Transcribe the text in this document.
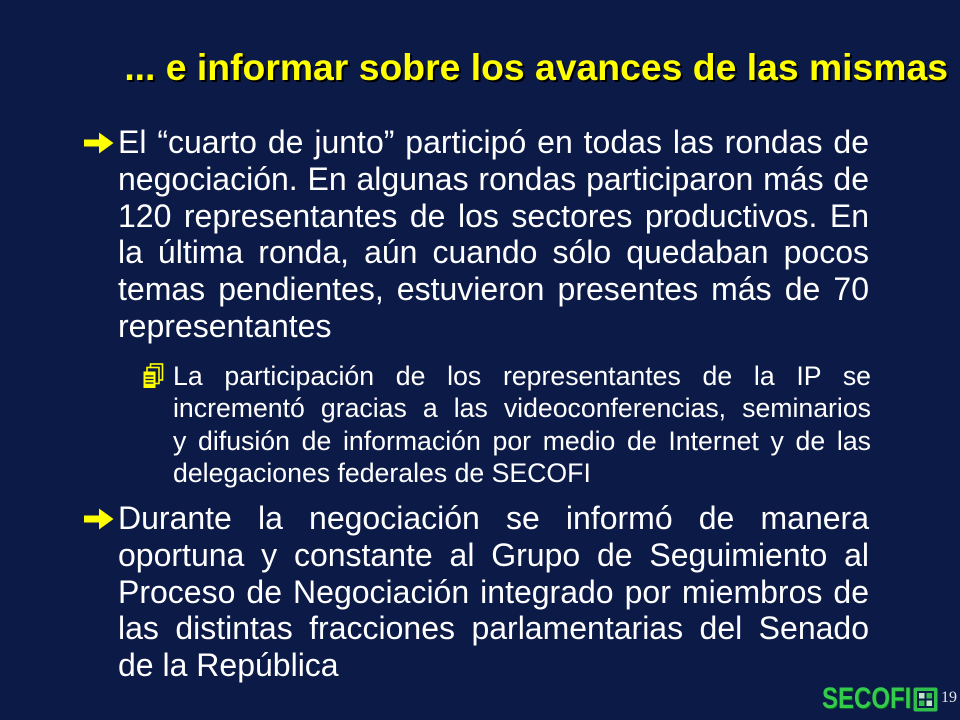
... e informar sobre los avances de las mismas
El “cuarto de junto” participó en todas las rondas de
negociación. En algunas rondas participaron más de
120 representantes de los sectores productivos. En
la última ronda, aún cuando sólo quedaban pocos
temas pendientes, estuvieron presentes más de 70
representantes
La participación de los representantes de la IP se
incrementó gracias a las videoconferencias, seminarios
y difusión de información por medio de Internet y de las
delegaciones federales de SECOFI
Durante la negociación se informó de manera
oportuna y constante al Grupo de Seguimiento al
Proceso de Negociación integrado por miembros de
las distintas fracciones parlamentarias del Senado
de la República
SECOFI 19
